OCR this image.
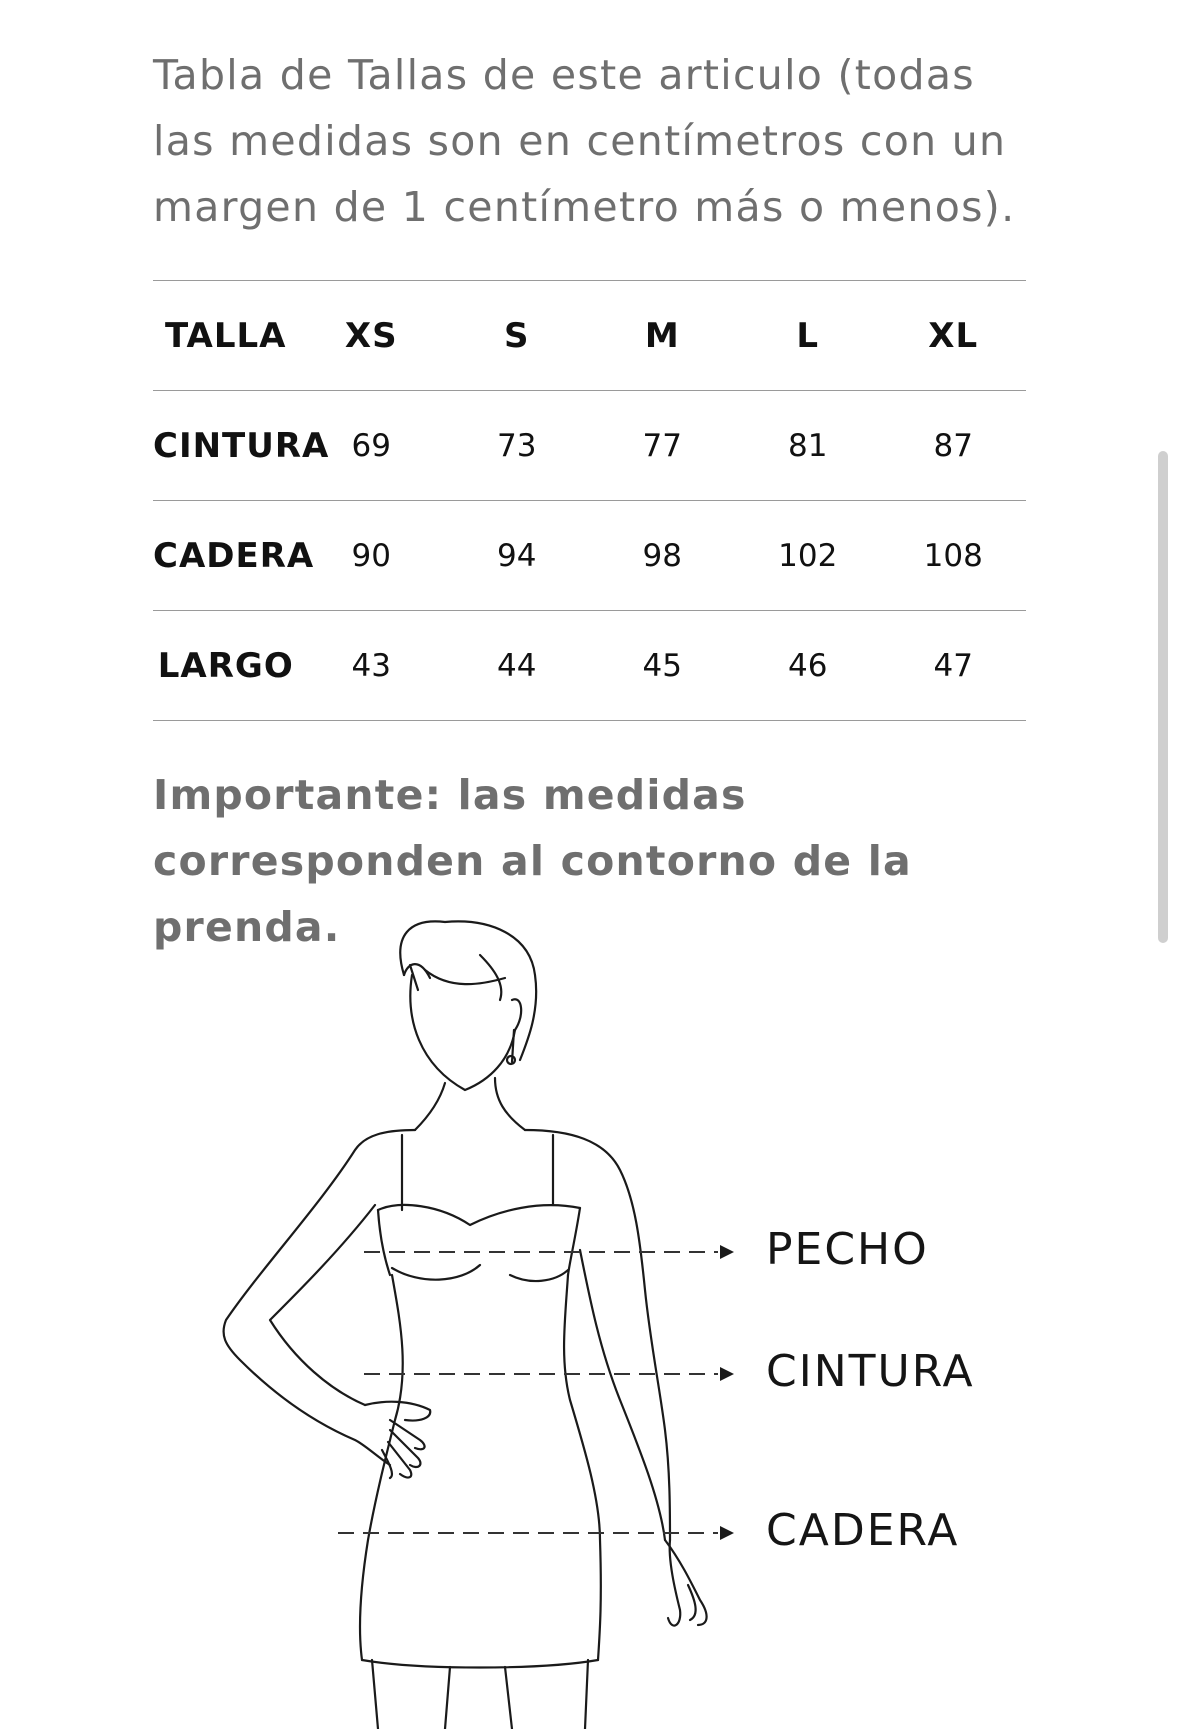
Tabla de Tallas de este articulo (todas las medidas son en centímetros con un margen de 1 centímetro más o menos).

TALLA	XS	S	M	L	XL
CINTURA	69	73	77	81	87
CADERA	90	94	98	102	108
LARGO	43	44	45	46	47

Importante: las medidas corresponden al contorno de la prenda.

PECHO
CINTURA
CADERA
